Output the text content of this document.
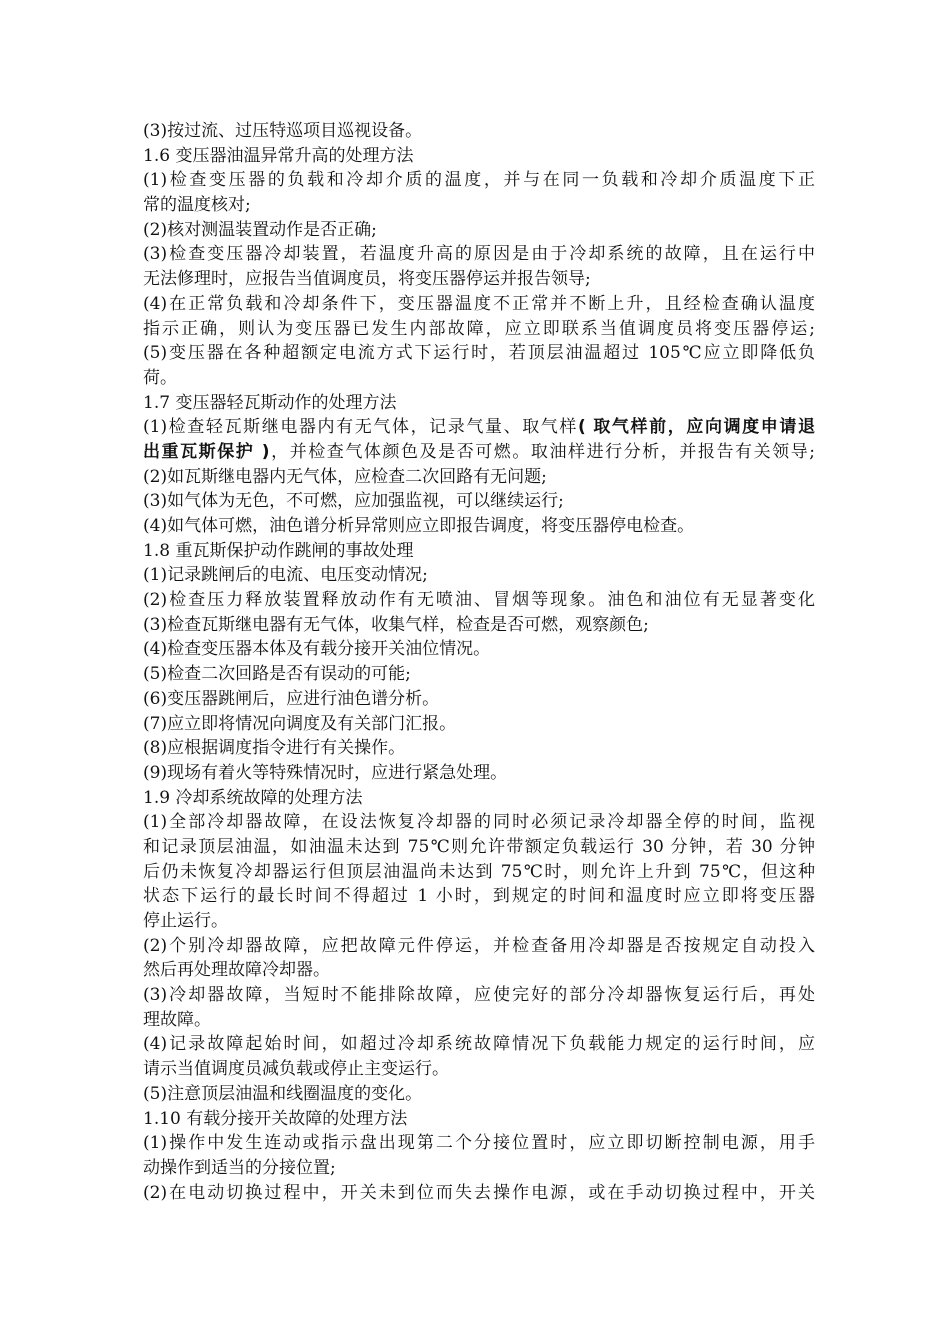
(3)按过流、过压特巡项目巡视设备。
1.6 变压器油温异常升高的处理方法
(1)检查变压器的负载和冷却介质的温度，并与在同一负载和冷却介质温度下正
常的温度核对;
(2)核对测温装置动作是否正确;
(3)检查变压器冷却装置，若温度升高的原因是由于冷却系统的故障，且在运行中
无法修理时，应报告当值调度员，将变压器停运并报告领导;
(4)在正常负载和冷却条件下，变压器温度不正常并不断上升，且经检查确认温度
指示正确，则认为变压器已发生内部故障，应立即联系当值调度员将变压器停运;
(5)变压器在各种超额定电流方式下运行时，若顶层油温超过 105℃应立即降低负
荷。
1.7 变压器轻瓦斯动作的处理方法
(1)检查轻瓦斯继电器内有无气体，记录气量、取气样( 取气样前，应向调度申请退
出重瓦斯保护 )，并检查气体颜色及是否可燃。取油样进行分析，并报告有关领导;
(2)如瓦斯继电器内无气体，应检查二次回路有无问题;
(3)如气体为无色，不可燃，应加强监视，可以继续运行;
(4)如气体可燃，油色谱分析异常则应立即报告调度，将变压器停电检查。
1.8 重瓦斯保护动作跳闸的事故处理
(1)记录跳闸后的电流、电压变动情况;
(2)检查压力释放装置释放动作有无喷油、冒烟等现象。油色和油位有无显著变化
(3)检查瓦斯继电器有无气体，收集气样，检查是否可燃，观察颜色;
(4)检查变压器本体及有载分接开关油位情况。
(5)检查二次回路是否有误动的可能;
(6)变压器跳闸后，应进行油色谱分析。
(7)应立即将情况向调度及有关部门汇报。
(8)应根据调度指令进行有关操作。
(9)现场有着火等特殊情况时，应进行紧急处理。
1.9 冷却系统故障的处理方法
(1)全部冷却器故障，在设法恢复冷却器的同时必须记录冷却器全停的时间，监视
和记录顶层油温，如油温未达到 75℃则允许带额定负载运行 30 分钟，若 30 分钟
后仍未恢复冷却器运行但顶层油温尚未达到 75℃时，则允许上升到 75℃，但这种
状态下运行的最长时间不得超过 1 小时，到规定的时间和温度时应立即将变压器
停止运行。
(2)个别冷却器故障，应把故障元件停运，并检查备用冷却器是否按规定自动投入
然后再处理故障冷却器。
(3)冷却器故障，当短时不能排除故障，应使完好的部分冷却器恢复运行后，再处
理故障。
(4)记录故障起始时间，如超过冷却系统故障情况下负载能力规定的运行时间，应
请示当值调度员减负载或停止主变运行。
(5)注意顶层油温和线圈温度的变化。
1.10 有载分接开关故障的处理方法
(1)操作中发生连动或指示盘出现第二个分接位置时，应立即切断控制电源，用手
动操作到适当的分接位置;
(2)在电动切换过程中，开关未到位而失去操作电源，或在手动切换过程中，开关
